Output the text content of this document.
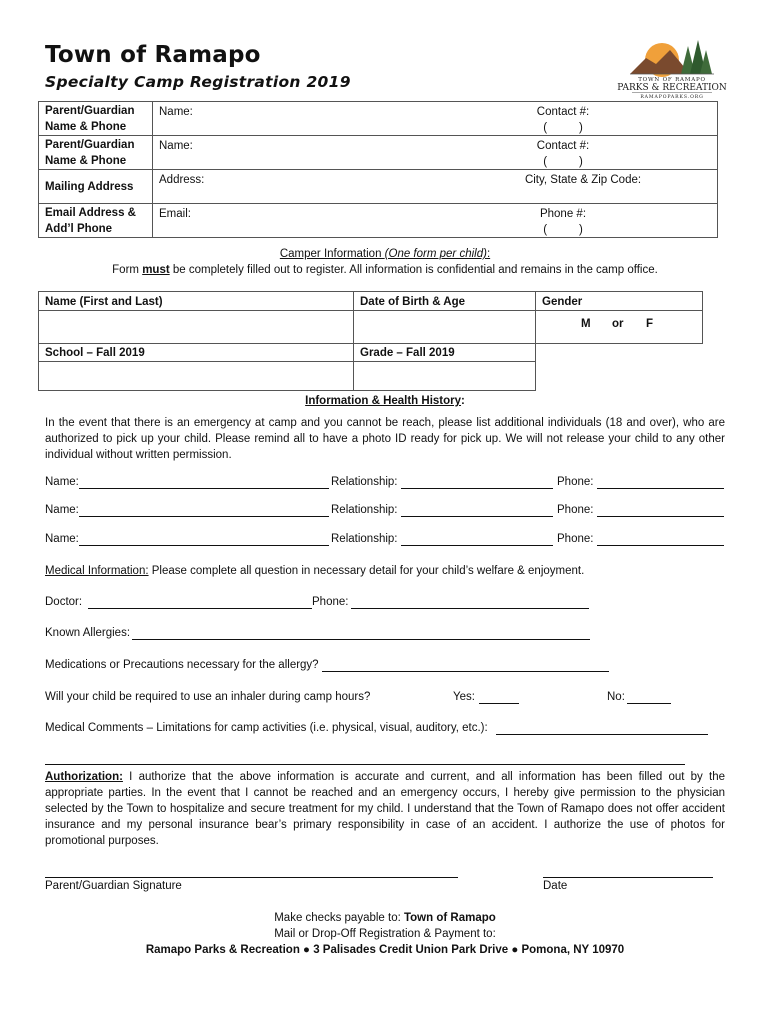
Town of Ramapo
Specialty Camp Registration 2019	TOWN OF RAMAPO
PARKS & RECREATION
RAMAPOPARKS.ORG
Parent/Guardian Name & Phone	Name: Contact #:
(          )

Parent/Guardian Name & Phone	Name: Contact #:
(          )

Mailing Address	Address: City, State & Zip Code:

Email Address & Add’l Phone	Email: Phone #:
(          )
Camper Information (One form per child):
Form must be completely filled out to register. All information is confidential and remains in the camp office.
Name (First and Last)	Date of Birth & Age	Gender

		M or F

School – Fall 2019	Grade – Fall 2019	

Information & Health History:
In the event that there is an emergency at camp and you cannot be reach, please list additional individuals (18 and over), who are authorized to pick up your child. Please remind all to have a photo ID ready for pick up. We will not release your child to any other individual without written permission.
Name:	Relationship:	Phone:
Name:	Relationship:	Phone:
Name:	Relationship:	Phone:
Medical Information: Please complete all question in necessary detail for your child’s welfare & enjoyment.
Doctor:	Phone:
Known Allergies:
Medications or Precautions necessary for the allergy?
Will your child be required to use an inhaler during camp hours?	Yes:	No:
Medical Comments – Limitations for camp activities (i.e. physical, visual, auditory, etc.):
Authorization: I authorize that the above information is accurate and current, and all information has been filled out by the appropriate parties. In the event that I cannot be reached and an emergency occurs, I hereby give permission to the physician selected by the Town to hospitalize and secure treatment for my child. I understand that the Town of Ramapo does not offer accident insurance and my personal insurance bear’s primary responsibility in case of an accident. I authorize the use of photos for promotional purposes.
Parent/Guardian Signature	Date
Make checks payable to: Town of Ramapo
Mail or Drop-Off Registration & Payment to:
Ramapo Parks & Recreation ● 3 Palisades Credit Union Park Drive ● Pomona, NY 10970
